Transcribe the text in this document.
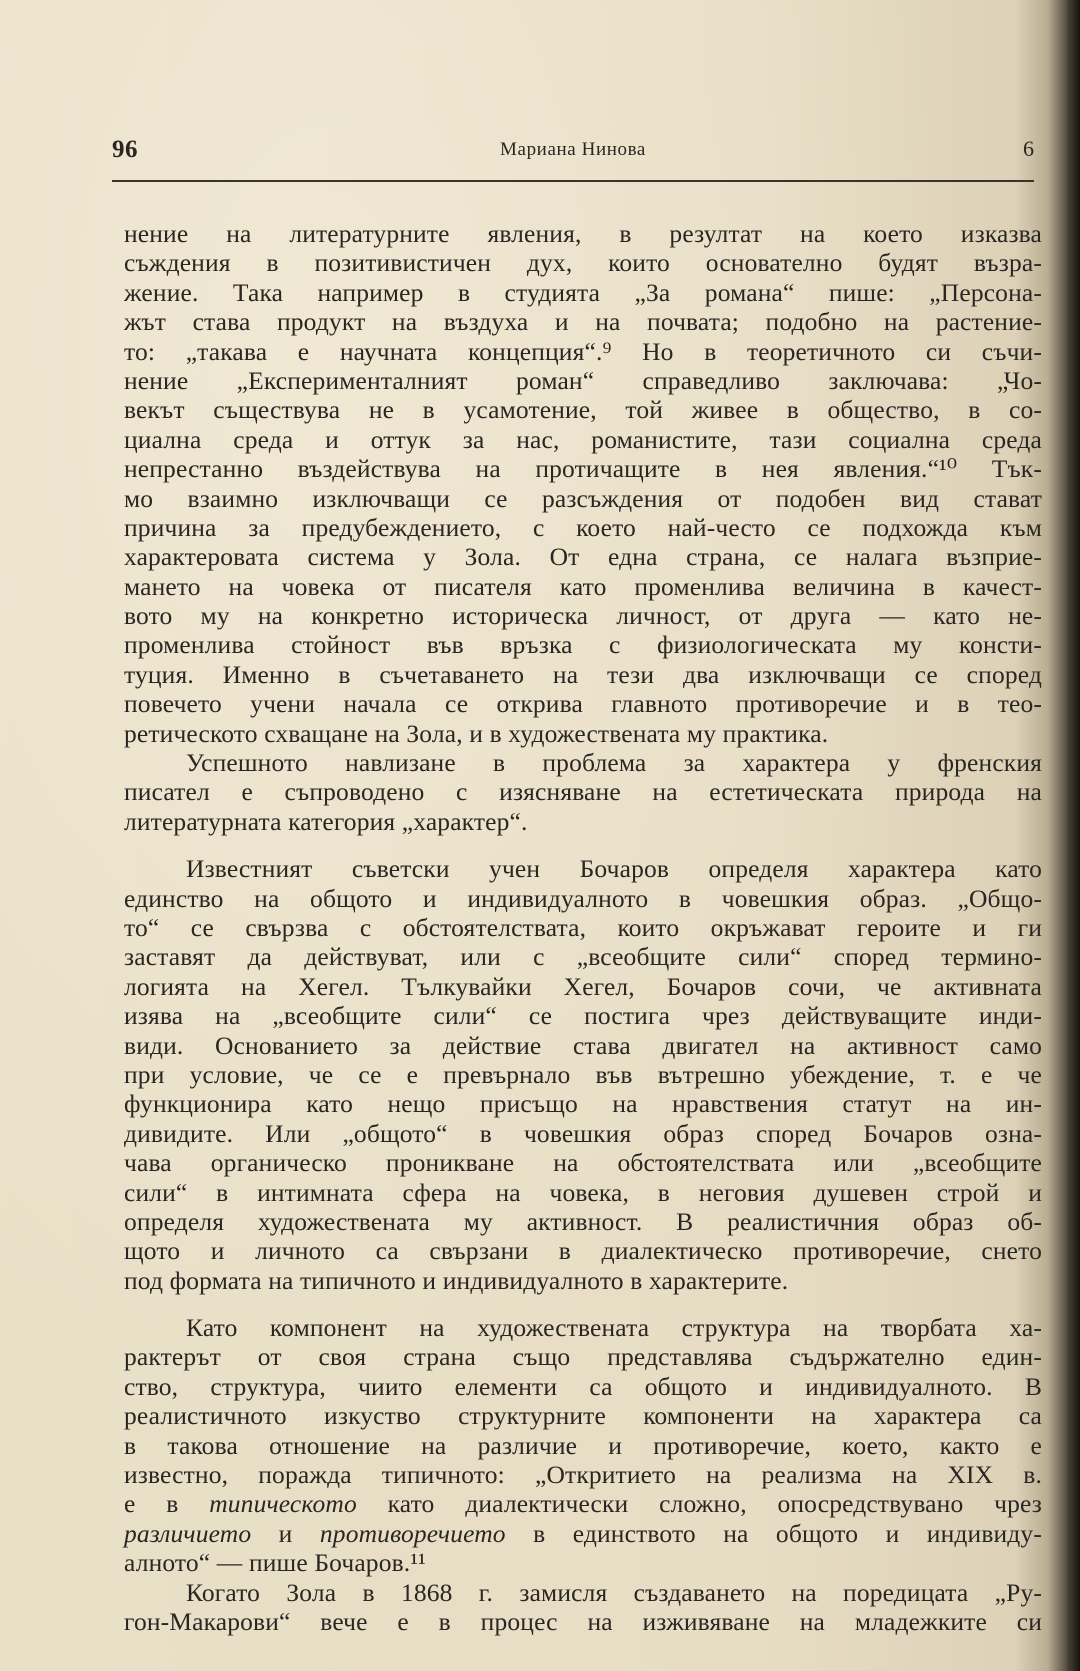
96	Мариана Нинова	6
нение на литературните явления, в резултат на което изказва
съждения в позитивистичен дух, които основателно будят възра-
жение. Така например в студията „За романа“ пише: „Персона-
жът става продукт на въздуха и на почвата; подобно на растение-
то: „такава е научната концепция“.⁹ Но в теоретичното си съчи-
нение „Експерименталният роман“ справедливо заключава: „Чо-
векът съществува не в усамотение, той живее в общество, в со-
циална среда и оттук за нас, романистите, тази социална среда
непрестанно въздействува на протичащите в нея явления.“¹⁰ Тък-
мо взаимно изключващи се разсъждения от подобен вид стават
причина за предубеждението, с което най-често се подхожда към
характеровата система у Зола. От една страна, се налага възприе-
мането на човека от писателя като променлива величина в качест-
вото му на конкретно историческа личност, от друга — като не-
променлива стойност във връзка с физиологическата му консти-
туция. Именно в съчетаването на тези два изключващи се според
повечето учени начала се открива главното противоречие и в тео-
ретическото схващане на Зола, и в художествената му практика.
Успешното навлизане в проблема за характера у френския
писател е съпроводено с изясняване на естетическата природа на
литературната категория „характер“.
Известният съветски учен Бочаров определя характера като
единство на общото и индивидуалното в човешкия образ. „Общо-
то“ се свързва с обстоятелствата, които окръжават героите и ги
заставят да действуват, или с „всеобщите сили“ според термино-
логията на Хегел. Тълкувайки Хегел, Бочаров сочи, че активната
изява на „всеобщите сили“ се постига чрез действуващите инди-
види. Основанието за действие става двигател на активност само
при условие, че се е превърнало във вътрешно убеждение, т. е че
функционира като нещо присъщо на нравствения статут на ин-
дивидите. Или „общото“ в човешкия образ според Бочаров озна-
чава органическо проникване на обстоятелствата или „всеобщите
сили“ в интимната сфера на човека, в неговия душевен строй и
определя художествената му активност. В реалистичния образ об-
щото и личното са свързани в диалектическо противоречие, снето
под формата на типичното и индивидуалното в характерите.
Като компонент на художествената структура на творбата ха-
рактерът от своя страна също представлява съдържателно един-
ство, структура, чиито елементи са общото и индивидуалното. В
реалистичното изкуство структурните компоненти на характера са
в такова отношение на различие и противоречие, което, както е
известно, поражда типичното: „Откритието на реализма на XIX в.
е в типическото като диалектически сложно, опосредствувано чрез
различието и противоречието в единството на общото и индивиду-
алното“ — пише Бочаров.¹¹
Когато Зола в 1868 г. замисля създаването на поредицата „Ру-
гон-Макарови“ вече е в процес на изживяване на младежките си
